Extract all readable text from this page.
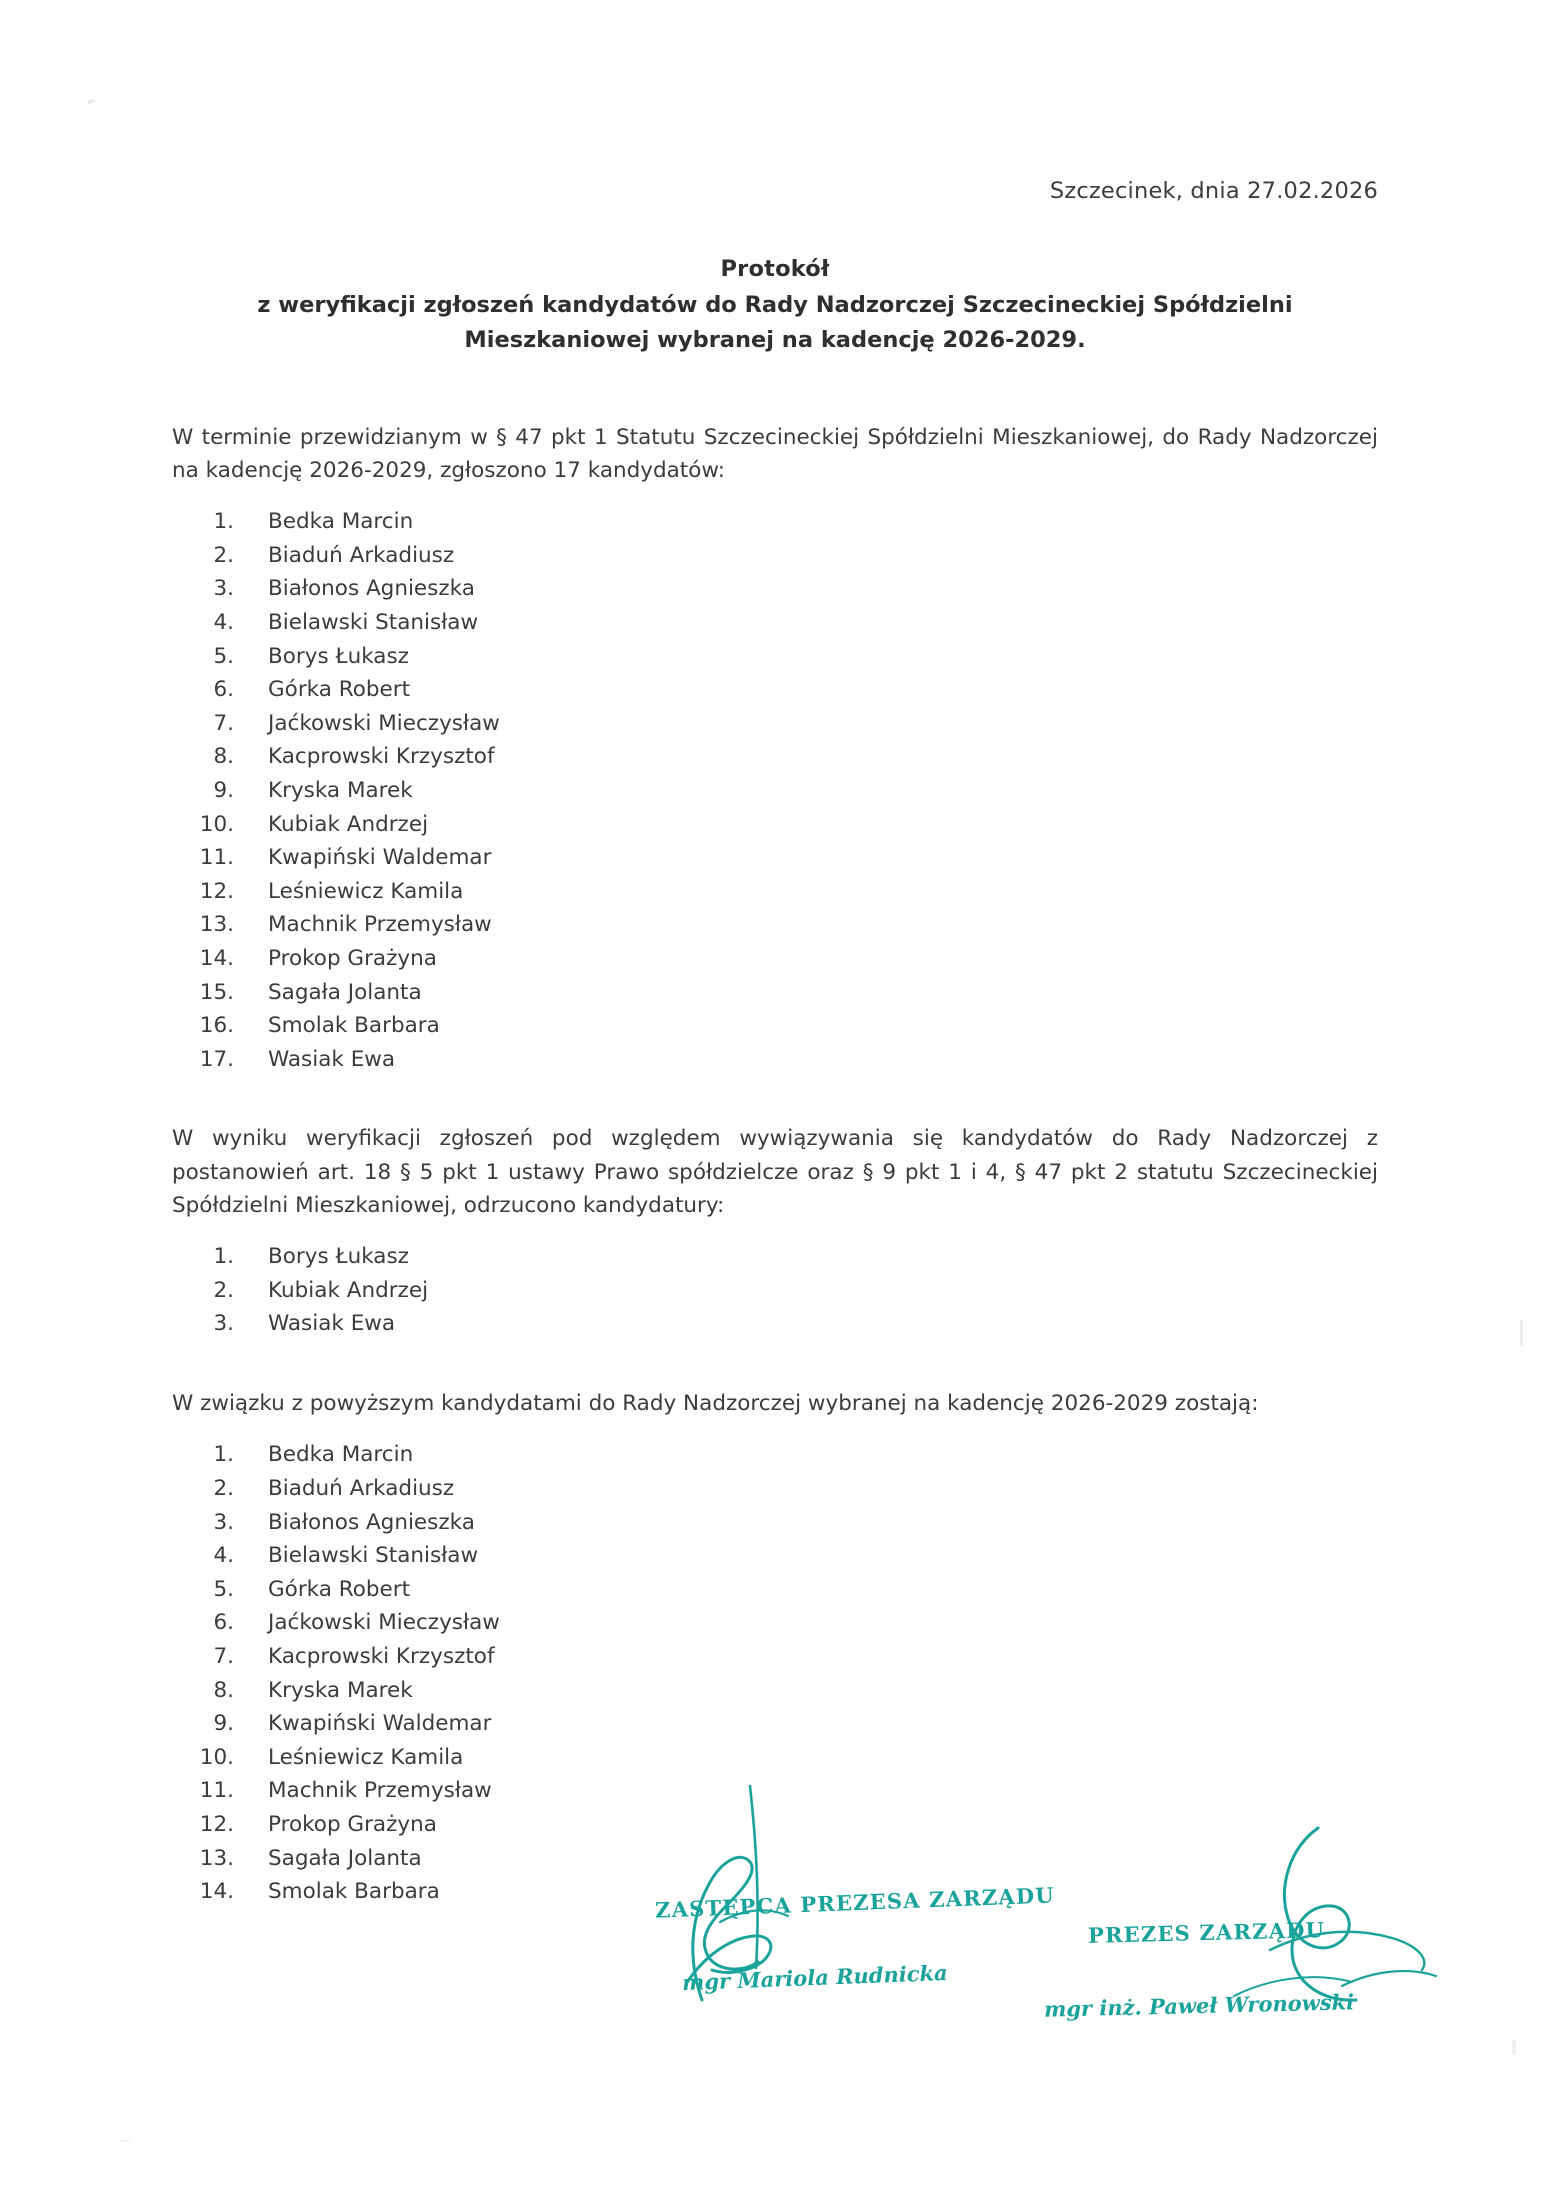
Szczecinek, dnia 27.02.2026
Protokół
z weryfikacji zgłoszeń kandydatów do Rady Nadzorczej Szczecineckiej Spółdzielni
Mieszkaniowej wybranej na kadencję 2026-2029.
W terminie przewidzianym w § 47 pkt 1 Statutu Szczecineckiej Spółdzielni Mieszkaniowej, do Rady Nadzorczej na kadencję 2026-2029, zgłoszono 17 kandydatów:
1. Bedka Marcin
2. Biaduń Arkadiusz
3. Białonos Agnieszka
4. Bielawski Stanisław
5. Borys Łukasz
6. Górka Robert
7. Jaćkowski Mieczysław
8. Kacprowski Krzysztof
9. Kryska Marek
10. Kubiak Andrzej
11. Kwapiński Waldemar
12. Leśniewicz Kamila
13. Machnik Przemysław
14. Prokop Grażyna
15. Sagała Jolanta
16. Smolak Barbara
17. Wasiak Ewa
W wyniku weryfikacji zgłoszeń pod względem wywiązywania się kandydatów do Rady Nadzorczej z postanowień art. 18 § 5 pkt 1 ustawy Prawo spółdzielcze oraz § 9 pkt 1 i 4, § 47 pkt 2 statutu Szczecineckiej Spółdzielni Mieszkaniowej, odrzucono kandydatury:
1. Borys Łukasz
2. Kubiak Andrzej
3. Wasiak Ewa
W związku z powyższym kandydatami do Rady Nadzorczej wybranej na kadencję 2026-2029 zostają:
1. Bedka Marcin
2. Biaduń Arkadiusz
3. Białonos Agnieszka
4. Bielawski Stanisław
5. Górka Robert
6. Jaćkowski Mieczysław
7. Kacprowski Krzysztof
8. Kryska Marek
9. Kwapiński Waldemar
10. Leśniewicz Kamila
11. Machnik Przemysław
12. Prokop Grażyna
13. Sagała Jolanta
14. Smolak Barbara	ZASTĘPCA PREZESA ZARZĄDU
mgr Mariola Rudnicka
PREZES ZARZĄDU
mgr inż. Paweł Wronowski
